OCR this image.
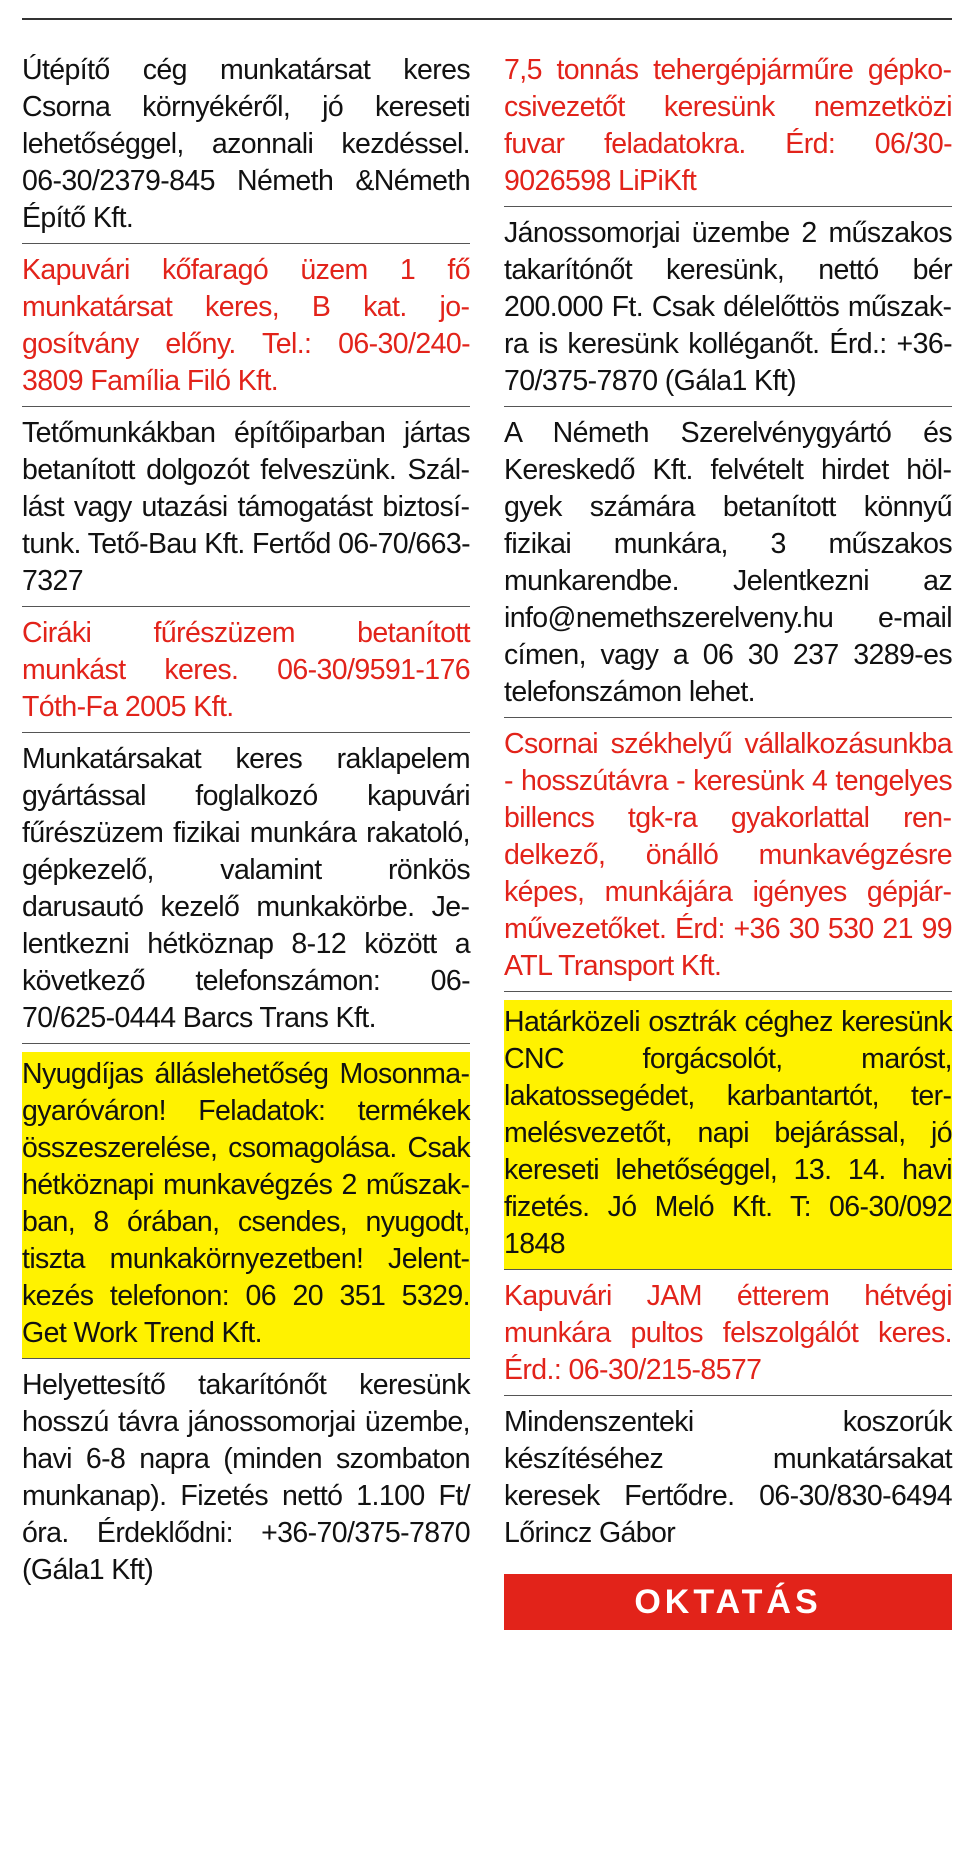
Útépítő cég munkatársat keres Csorna környékéről, jó kereseti lehetőséggel, azonnali kezdéssel. 06-30/2379-845 Németh &Németh Építő Kft.

Kapuvári kőfaragó üzem 1 fő munkatársat keres, B kat. jogosítvány előny. Tel.: 06-30/240-3809 Família Filó Kft.

Tetőmunkákban építőiparban jártas betanított dolgozót felveszünk. Szállást vagy utazási támogatást biztosítunk. Tető-Bau Kft. Fertőd 06-70/663-7327

Ciráki fűrészüzem betanított munkást keres. 06-30/9591-176 Tóth-Fa 2005 Kft.

Munkatársakat keres raklapelem gyártással foglalkozó kapuvári fűrészüzem fizikai munkára rakatoló, gépkezelő, valamint rönkös darusautó kezelő munkakörbe. Jelentkezni hétköznap 8-12 között a következő telefonszámon: 06-70/625-0444 Barcs Trans Kft.

Nyugdíjas álláslehetőség Mosonmagyaróváron! Feladatok: termékek összeszerelése, csomagolása. Csak hétköznapi munkavégzés 2 műszakban, 8 órában, csendes, nyugodt, tiszta munkakörnyezetben! Jelentkezés telefonon: 06 20 351 5329. Get Work Trend Kft.

Helyettesítő takarítónőt keresünk hosszú távra jánossomorjai üzembe, havi 6-8 napra (minden szombaton munkanap). Fizetés nettó 1.100 Ft/óra. Érdeklődni: +36-70/375-7870 (Gála1 Kft)

7,5 tonnás tehergépjárműre gépkocsivezetőt keresünk nemzetközi fuvar feladatokra. Érd: 06/30-9026598 LiPiKft

Jánossomorjai üzembe 2 műszakos takarítónőt keresünk, nettó bér 200.000 Ft. Csak délelőttös műszakra is keresünk kolléganőt. Érd.: +36-70/375-7870 (Gála1 Kft)

A Németh Szerelvénygyártó és Kereskedő Kft. felvételt hirdet hölgyek számára betanított könnyű fizikai munkára, 3 műszakos munkarendbe. Jelentkezni az info@nemethszerelveny.hu e-mail címen, vagy a 06 30 237 3289-es telefonszámon lehet.

Csornai székhelyű vállalkozásunkba - hosszútávra - keresünk 4 tengelyes billencs tgk-ra gyakorlattal rendelkező, önálló munkavégzésre képes, munkájára igényes gépjárművezetőket. Érd: +36 30 530 21 99 ATL Transport Kft.

Határközeli osztrák céghez keresünk CNC forgácsolót, maróst, lakatossegédet, karbantartót, termelésvezetőt, napi bejárással, jó kereseti lehetőséggel, 13. 14. havi fizetés. Jó Meló Kft. T: 06-30/092 1848

Kapuvári JAM étterem hétvégi munkára pultos felszolgálót keres. Érd.: 06-30/215-8577

Mindenszenteki koszorúk készítéséhez munkatársakat keresek Fertődre. 06-30/830-6494 Lőrincz Gábor

OKTATÁS
